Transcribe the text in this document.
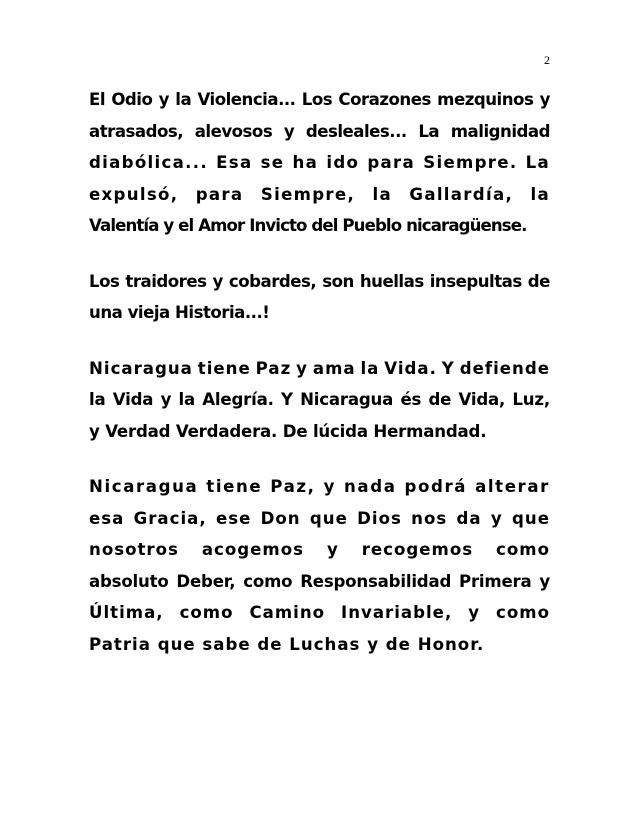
2
El Odio y la Violencia... Los Corazones mezquinos y
atrasados, alevosos y desleales... La malignidad
diabólica... Esa se ha ido para Siempre. La
expulsó, para Siempre, la Gallardía, la
Valentía y el Amor Invicto del Pueblo nicaragüense.
Los traidores y cobardes, son huellas insepultas de
una vieja Historia...!
Nicaragua tiene Paz y ama la Vida. Y defiende
la Vida y la Alegría. Y Nicaragua és de Vida, Luz,
y Verdad Verdadera. De lúcida Hermandad.
Nicaragua tiene Paz, y nada podrá alterar
esa Gracia, ese Don que Dios nos da y que
nosotros acogemos y recogemos como
absoluto Deber, como Responsabilidad Primera y
Última, como Camino Invariable, y como
Patria que sabe de Luchas y de Honor.
